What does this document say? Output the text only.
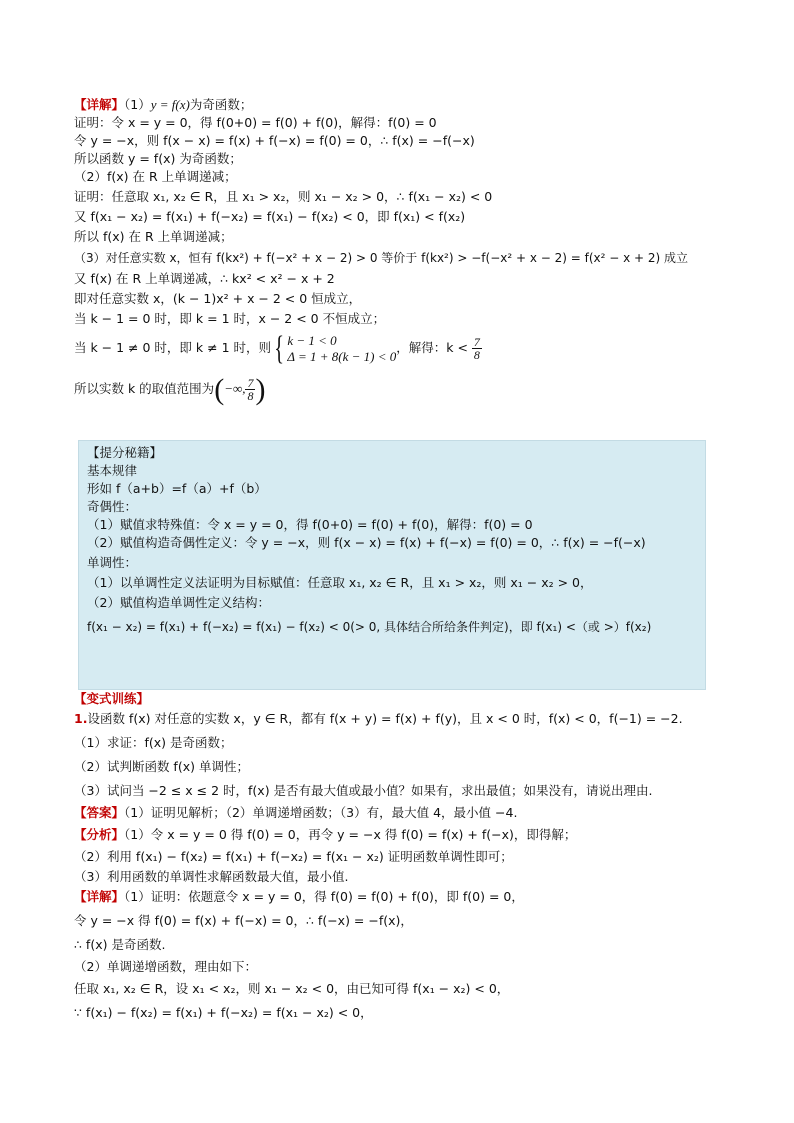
【详解】（1）y = f(x)为奇函数；
证明：令 x = y = 0，得 f(0+0) = f(0) + f(0)，解得：f(0) = 0
令 y = −x，则 f(x − x) = f(x) + f(−x) = f(0) = 0，∴ f(x) = −f(−x)
所以函数 y = f(x) 为奇函数；
（2）f(x) 在 R 上单调递减；
证明：任意取 x₁, x₂ ∈ R，且 x₁ > x₂，则 x₁ − x₂ > 0，∴ f(x₁ − x₂) < 0
又 f(x₁ − x₂) = f(x₁) + f(−x₂) = f(x₁) − f(x₂) < 0，即 f(x₁) < f(x₂)
所以 f(x) 在 R 上单调递减；
（3）对任意实数 x，恒有 f(kx²) + f(−x² + x − 2) > 0 等价于 f(kx²) > −f(−x² + x − 2) = f(x² − x + 2) 成立
又 f(x) 在 R 上单调递减，∴ kx² < x² − x + 2
即对任意实数 x，(k − 1)x² + x − 2 < 0 恒成立，
当 k − 1 = 0 时，即 k = 1 时，x − 2 < 0 不恒成立；
当 k − 1 ≠ 0 时，即 k ≠ 1 时，则{ k − 1 < 0
Δ = 1 + 8(k − 1) < 0
，解得：$k < \frac{7}{8}$
所以实数 k 的取值范围为(−∞, $\frac{7}{8}$ )
【提分秘籍】
基本规律
形如 f（a+b）=f（a）+f（b）
奇偶性：
（1）赋值求特殊值：令 x = y = 0，得 f(0+0) = f(0) + f(0)，解得：f(0) = 0
（2）赋值构造奇偶性定义：令 y = −x，则 f(x − x) = f(x) + f(−x) = f(0) = 0，∴ f(x) = −f(−x)
单调性：
（1）以单调性定义法证明为目标赋值：任意取 x₁, x₂ ∈ R，且 x₁ > x₂，则 x₁ − x₂ > 0，
（2）赋值构造单调性定义结构：
f(x₁ − x₂) = f(x₁) + f(−x₂) = f(x₁) − f(x₂) < 0(> 0, 具体结合所给条件判定)，即 f(x₁) <（或 >）f(x₂)
【变式训练】
1.设函数 f(x) 对任意的实数 x，y ∈ R，都有 f(x + y) = f(x) + f(y)，且 x < 0 时，f(x) < 0，f(−1) = −2.
（1）求证：f(x) 是奇函数；
（2）试判断函数 f(x) 单调性；
（3）试问当 −2 ≤ x ≤ 2 时，f(x) 是否有最大值或最小值？如果有，求出最值；如果没有，请说出理由.
【答案】（1）证明见解析；（2）单调递增函数；（3）有，最大值 4，最小值 −4.
【分析】（1）令 x = y = 0 得 f(0) = 0，再令 y = −x 得 f(0) = f(x) + f(−x)，即得解；
（2）利用 f(x₁) − f(x₂) = f(x₁) + f(−x₂) = f(x₁ − x₂) 证明函数单调性即可；
（3）利用函数的单调性求解函数最大值，最小值.
【详解】（1）证明：依题意令 x = y = 0，得 f(0) = f(0) + f(0)，即 f(0) = 0，
令 y = −x 得 f(0) = f(x) + f(−x) = 0，∴ f(−x) = −f(x)，
∴ f(x) 是奇函数.
（2）单调递增函数，理由如下：
任取 x₁, x₂ ∈ R，设 x₁ < x₂，则 x₁ − x₂ < 0，由已知可得 f(x₁ − x₂) < 0，
∵ f(x₁) − f(x₂) = f(x₁) + f(−x₂) = f(x₁ − x₂) < 0，
